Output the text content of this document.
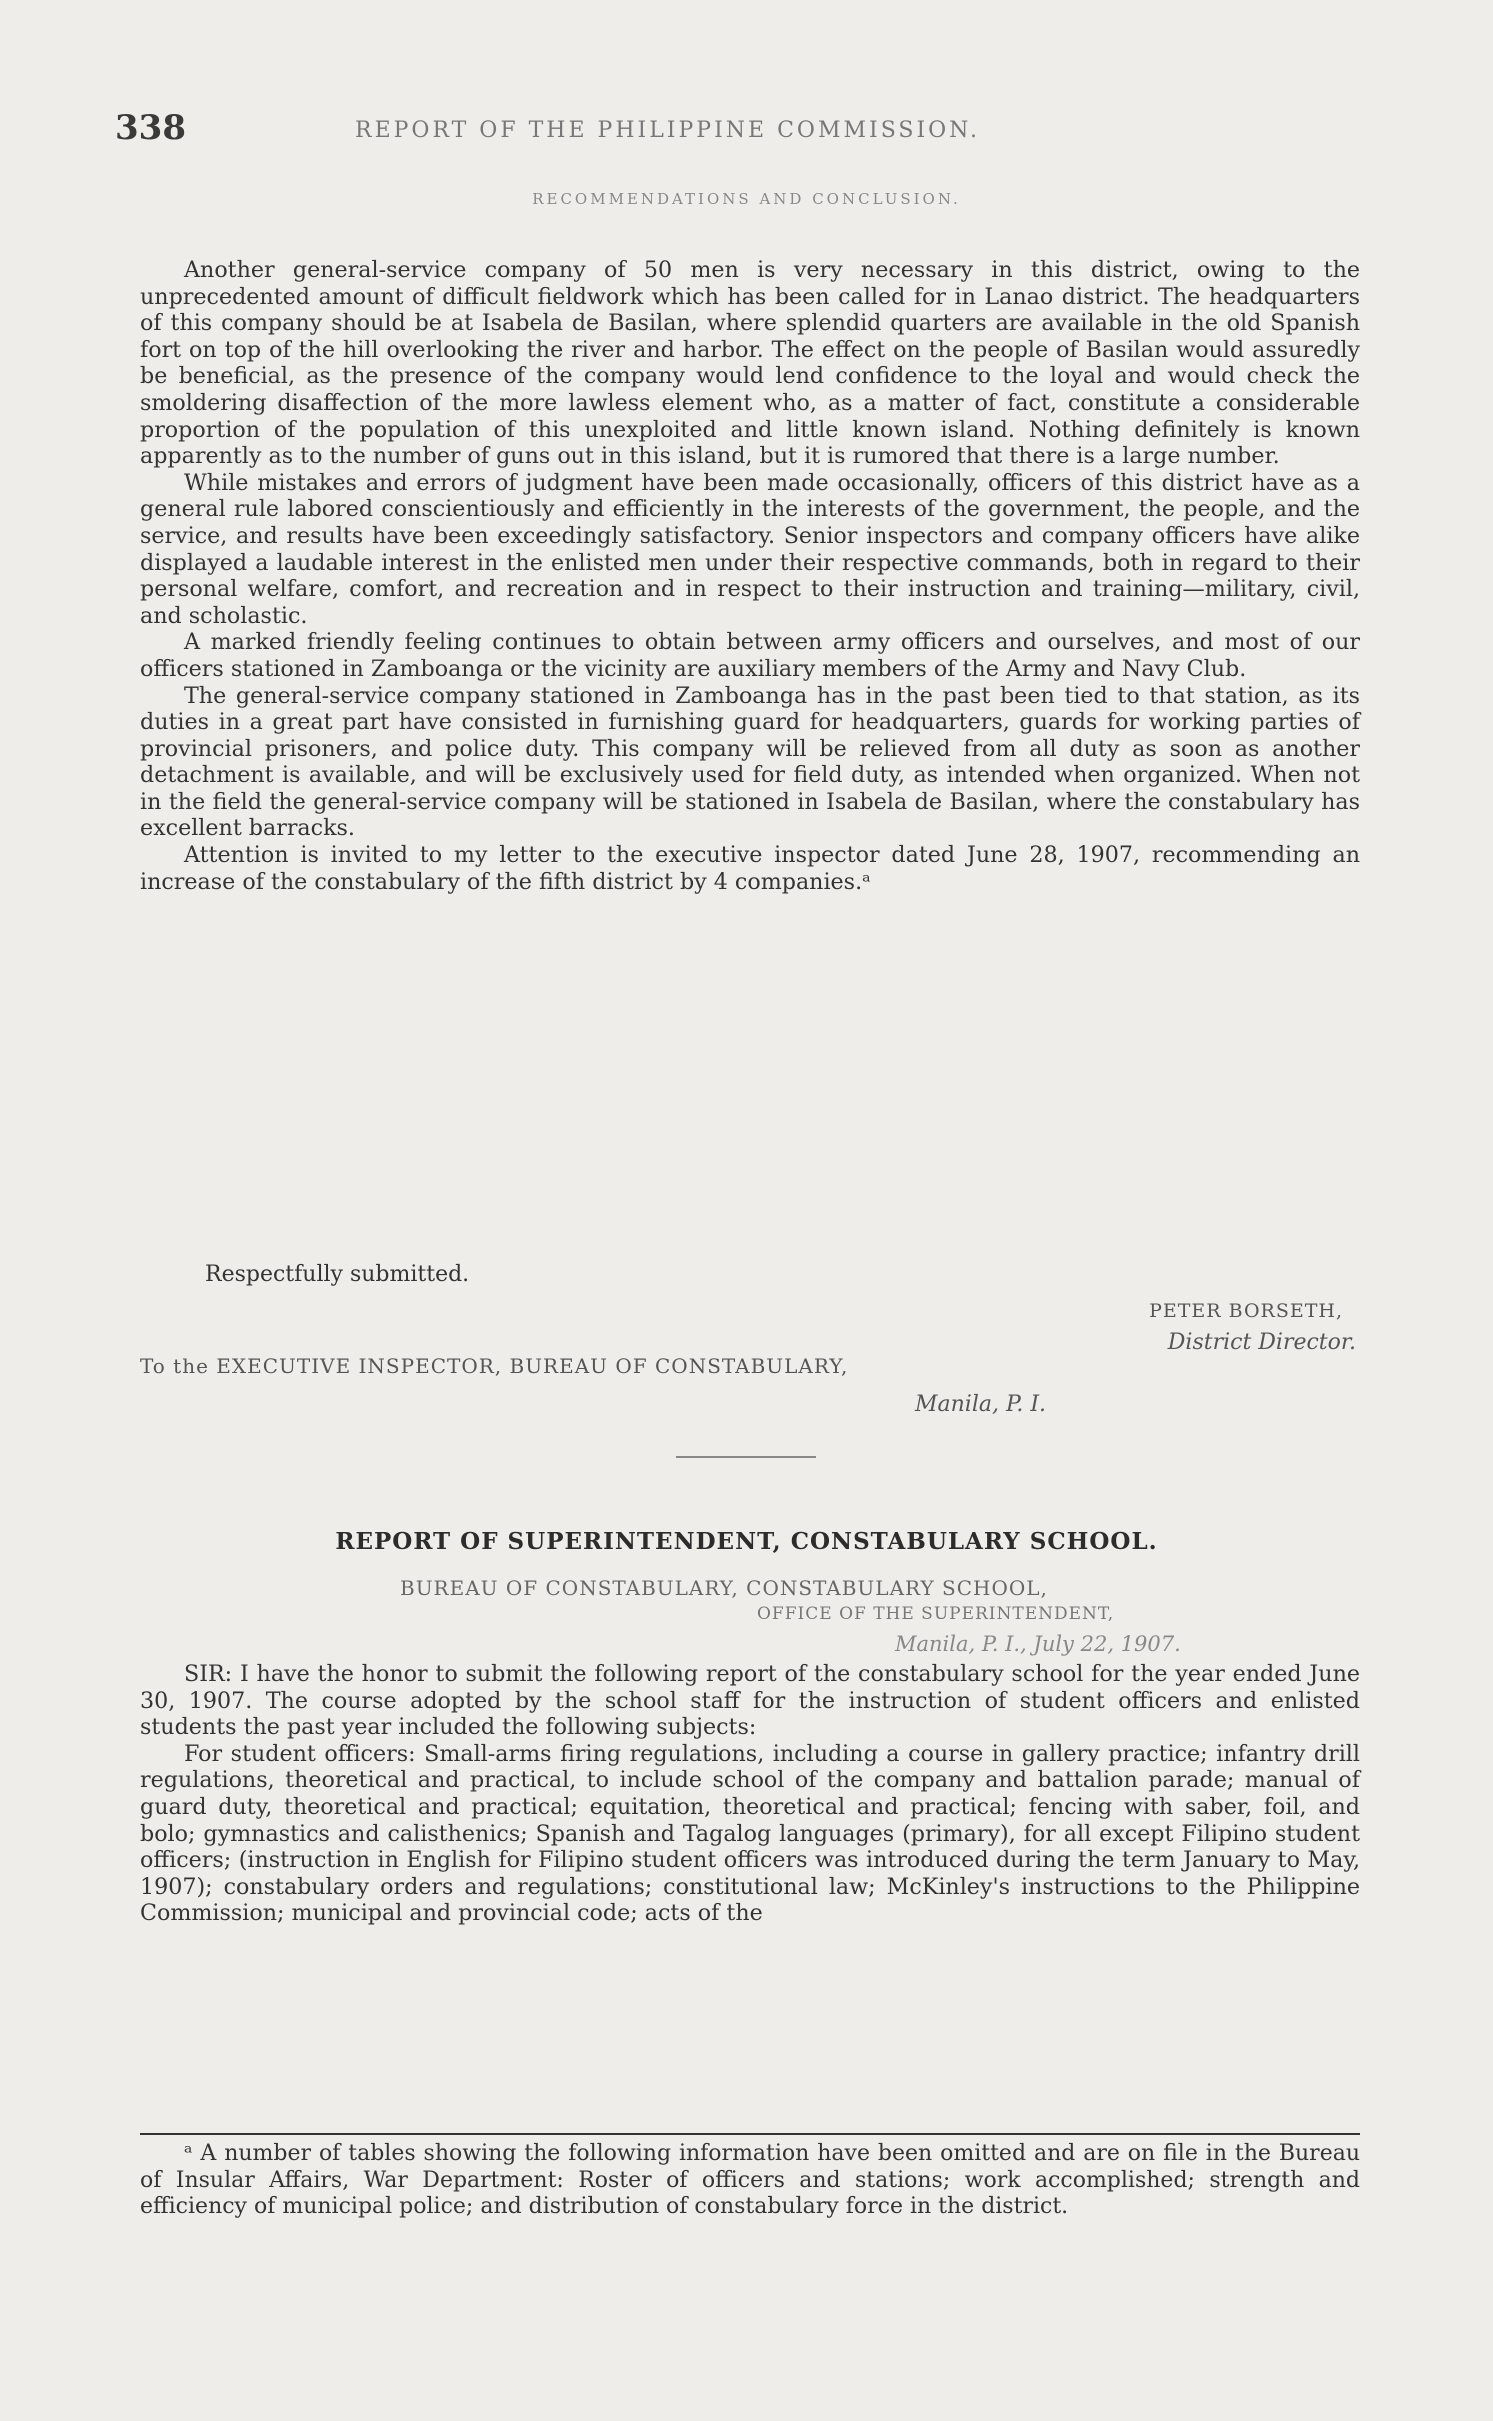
338	REPORT OF THE PHILIPPINE COMMISSION.
RECOMMENDATIONS AND CONCLUSION.

Another general-service company of 50 men is very necessary in this district, owing to the unprecedented amount of difficult fieldwork which has been called for in Lanao district. The headquarters of this company should be at Isabela de Basilan, where splendid quarters are available in the old Spanish fort on top of the hill overlooking the river and harbor. The effect on the people of Basilan would assuredly be beneficial, as the presence of the company would lend confidence to the loyal and would check the smoldering disaffection of the more lawless element who, as a matter of fact, constitute a considerable proportion of the population of this unexploited and little known island. Nothing definitely is known apparently as to the number of guns out in this island, but it is rumored that there is a large number.

While mistakes and errors of judgment have been made occasionally, officers of this district have as a general rule labored conscientiously and efficiently in the interests of the government, the people, and the service, and results have been exceedingly satisfactory. Senior inspectors and company officers have alike displayed a laudable interest in the enlisted men under their respective commands, both in regard to their personal welfare, comfort, and recreation and in respect to their instruction and training—military, civil, and scholastic.

A marked friendly feeling continues to obtain between army officers and ourselves, and most of our officers stationed in Zamboanga or the vicinity are auxiliary members of the Army and Navy Club.

The general-service company stationed in Zamboanga has in the past been tied to that station, as its duties in a great part have consisted in furnishing guard for headquarters, guards for working parties of provincial prisoners, and police duty. This company will be relieved from all duty as soon as another detachment is available, and will be exclusively used for field duty, as intended when organized. When not in the field the general-service company will be stationed in Isabela de Basilan, where the constabulary has excellent barracks.

Attention is invited to my letter to the executive inspector dated June 28, 1907, recommending an increase of the constabulary of the fifth district by 4 companies.ᵃ

Respectfully submitted.
PETER BORSETH,
District Director.
To the EXECUTIVE INSPECTOR, BUREAU OF CONSTABULARY,
Manila, P. I.
REPORT OF SUPERINTENDENT, CONSTABULARY SCHOOL.
BUREAU OF CONSTABULARY, CONSTABULARY SCHOOL,
OFFICE OF THE SUPERINTENDENT,
Manila, P. I., July 22, 1907.

SIR: I have the honor to submit the following report of the constabulary school for the year ended June 30, 1907. The course adopted by the school staff for the instruction of student officers and enlisted students the past year included the following subjects:

For student officers: Small-arms firing regulations, including a course in gallery practice; infantry drill regulations, theoretical and practical, to include school of the company and battalion parade; manual of guard duty, theoretical and practical; equitation, theoretical and practical; fencing with saber, foil, and bolo; gymnastics and calisthenics; Spanish and Tagalog languages (primary), for all except Filipino student officers; (instruction in English for Filipino student officers was introduced during the term January to May, 1907); constabulary orders and regulations; constitutional law; McKinley's instructions to the Philippine Commission; municipal and provincial code; acts of the

ᵃ A number of tables showing the following information have been omitted and are on file in the Bureau of Insular Affairs, War Department: Roster of officers and stations; work accomplished; strength and efficiency of municipal police; and distribution of constabulary force in the district.
